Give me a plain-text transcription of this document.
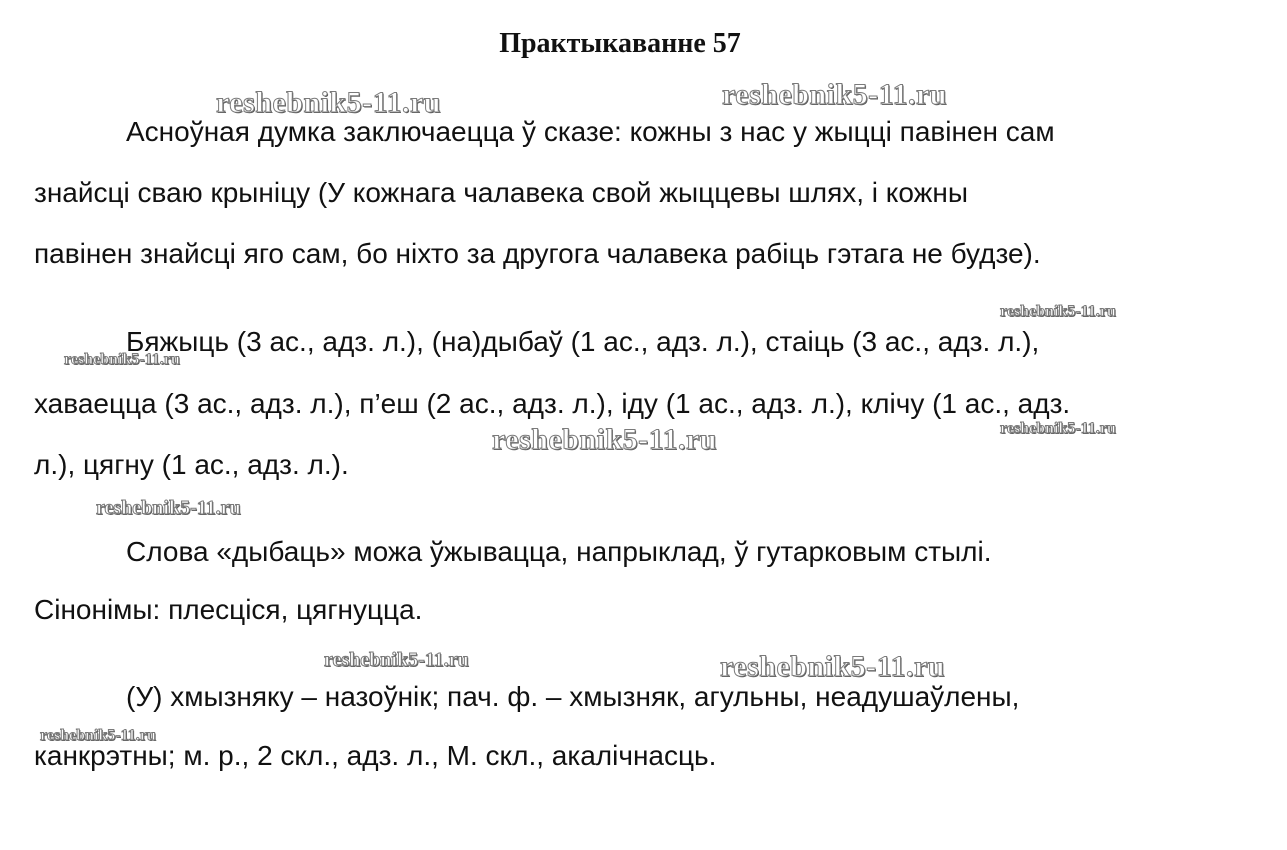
Практыкаванне 57
reshebnik5-11.ru	reshebnik5-11.ru
reshebnik5-11.ru
reshebnik5-11.ru
reshebnik5-11.ru	reshebnik5-11.ru
reshebnik5-11.ru
reshebnik5-11.ru	reshebnik5-11.ru
reshebnik5-11.ru
Асноўная думка заключаецца ў сказе: кожны з нас у жыцці павінен сам
знайсці сваю крыніцу (У кожнага чалавека свой жыццевы шлях, і кожны
павінен знайсці яго сам, бо ніхто за другога чалавека рабіць гэтага не будзе).
Бяжыць (3 ас., адз. л.), (на)дыбаў (1 ас., адз. л.), стаіць (3 ас., адз. л.),
хаваецца (3 ас., адз. л.), п’еш (2 ас., адз. л.), іду (1 ас., адз. л.), клічу (1 ас., адз.
л.), цягну (1 ас., адз. л.).
Слова «дыбаць» можа ўжывацца, напрыклад, ў гутарковым стылі.
Сінонімы: плесціся, цягнуцца.
(У) хмызняку – назоўнік; пач. ф. – хмызняк, агульны, неадушаўлены,
канкрэтны; м. р., 2 скл., адз. л., М. скл., акалічнасць.
